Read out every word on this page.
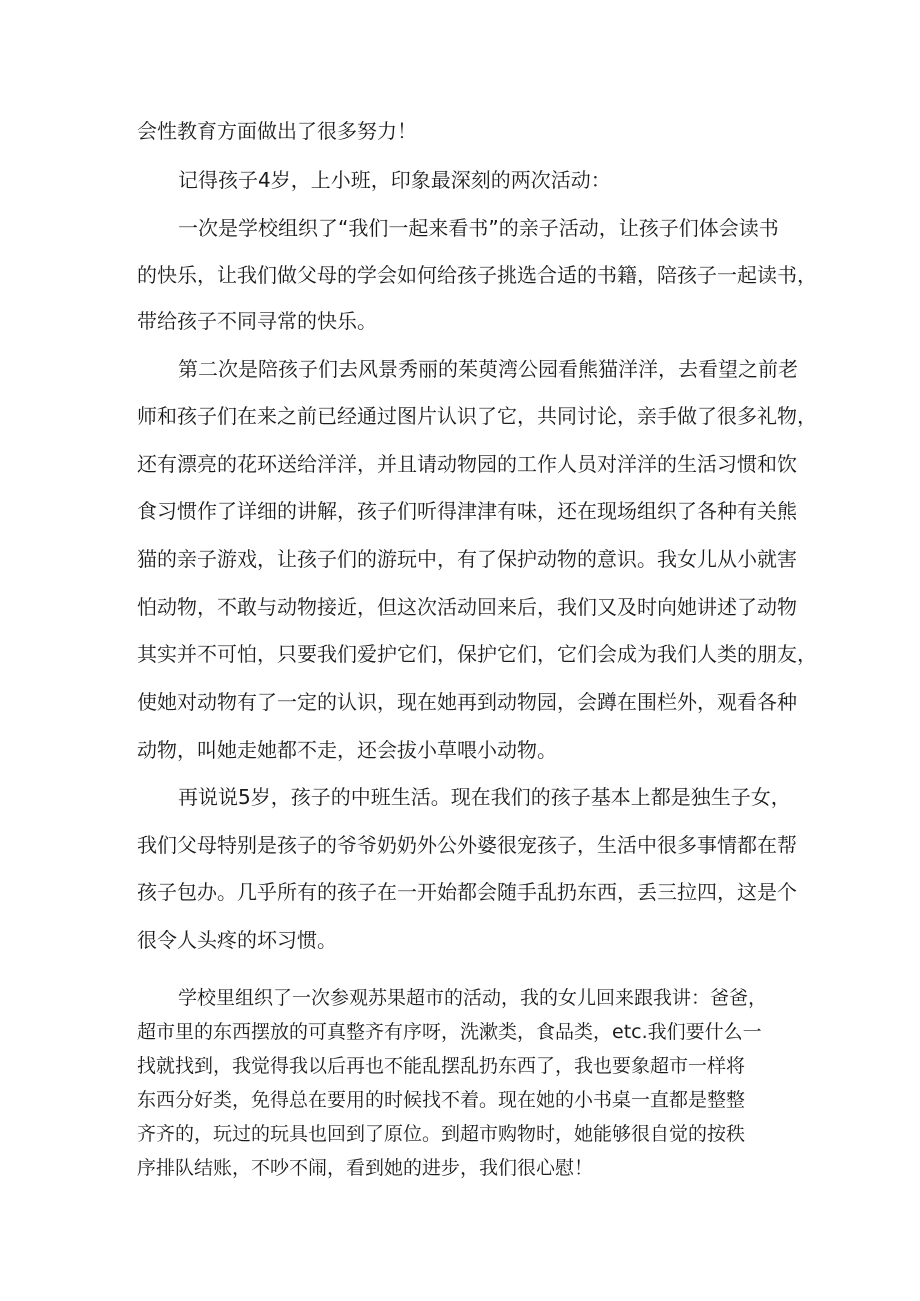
会性教育方面做出了很多努力！
记得孩子4岁，上小班，印象最深刻的两次活动：
一次是学校组织了“我们一起来看书”的亲子活动，让孩子们体会读书
的快乐，让我们做父母的学会如何给孩子挑选合适的书籍，陪孩子一起读书，
带给孩子不同寻常的快乐。
第二次是陪孩子们去风景秀丽的茱萸湾公园看熊猫洋洋，去看望之前老
师和孩子们在来之前已经通过图片认识了它，共同讨论，亲手做了很多礼物，
还有漂亮的花环送给洋洋，并且请动物园的工作人员对洋洋的生活习惯和饮
食习惯作了详细的讲解，孩子们听得津津有味，还在现场组织了各种有关熊
猫的亲子游戏，让孩子们的游玩中，有了保护动物的意识。我女儿从小就害
怕动物，不敢与动物接近，但这次活动回来后，我们又及时向她讲述了动物
其实并不可怕，只要我们爱护它们，保护它们，它们会成为我们人类的朋友，
使她对动物有了一定的认识，现在她再到动物园，会蹲在围栏外，观看各种
动物，叫她走她都不走，还会拔小草喂小动物。
再说说5岁，孩子的中班生活。现在我们的孩子基本上都是独生子女，
我们父母特别是孩子的爷爷奶奶外公外婆很宠孩子，生活中很多事情都在帮
孩子包办。几乎所有的孩子在一开始都会随手乱扔东西，丢三拉四，这是个
很令人头疼的坏习惯。
学校里组织了一次参观苏果超市的活动，我的女儿回来跟我讲：爸爸，
超市里的东西摆放的可真整齐有序呀，洗漱类，食品类，etc.我们要什么一
找就找到，我觉得我以后再也不能乱摆乱扔东西了，我也要象超市一样将
东西分好类，免得总在要用的时候找不着。现在她的小书桌一直都是整整
齐齐的，玩过的玩具也回到了原位。到超市购物时，她能够很自觉的按秩
序排队结账，不吵不闹，看到她的进步，我们很心慰！
